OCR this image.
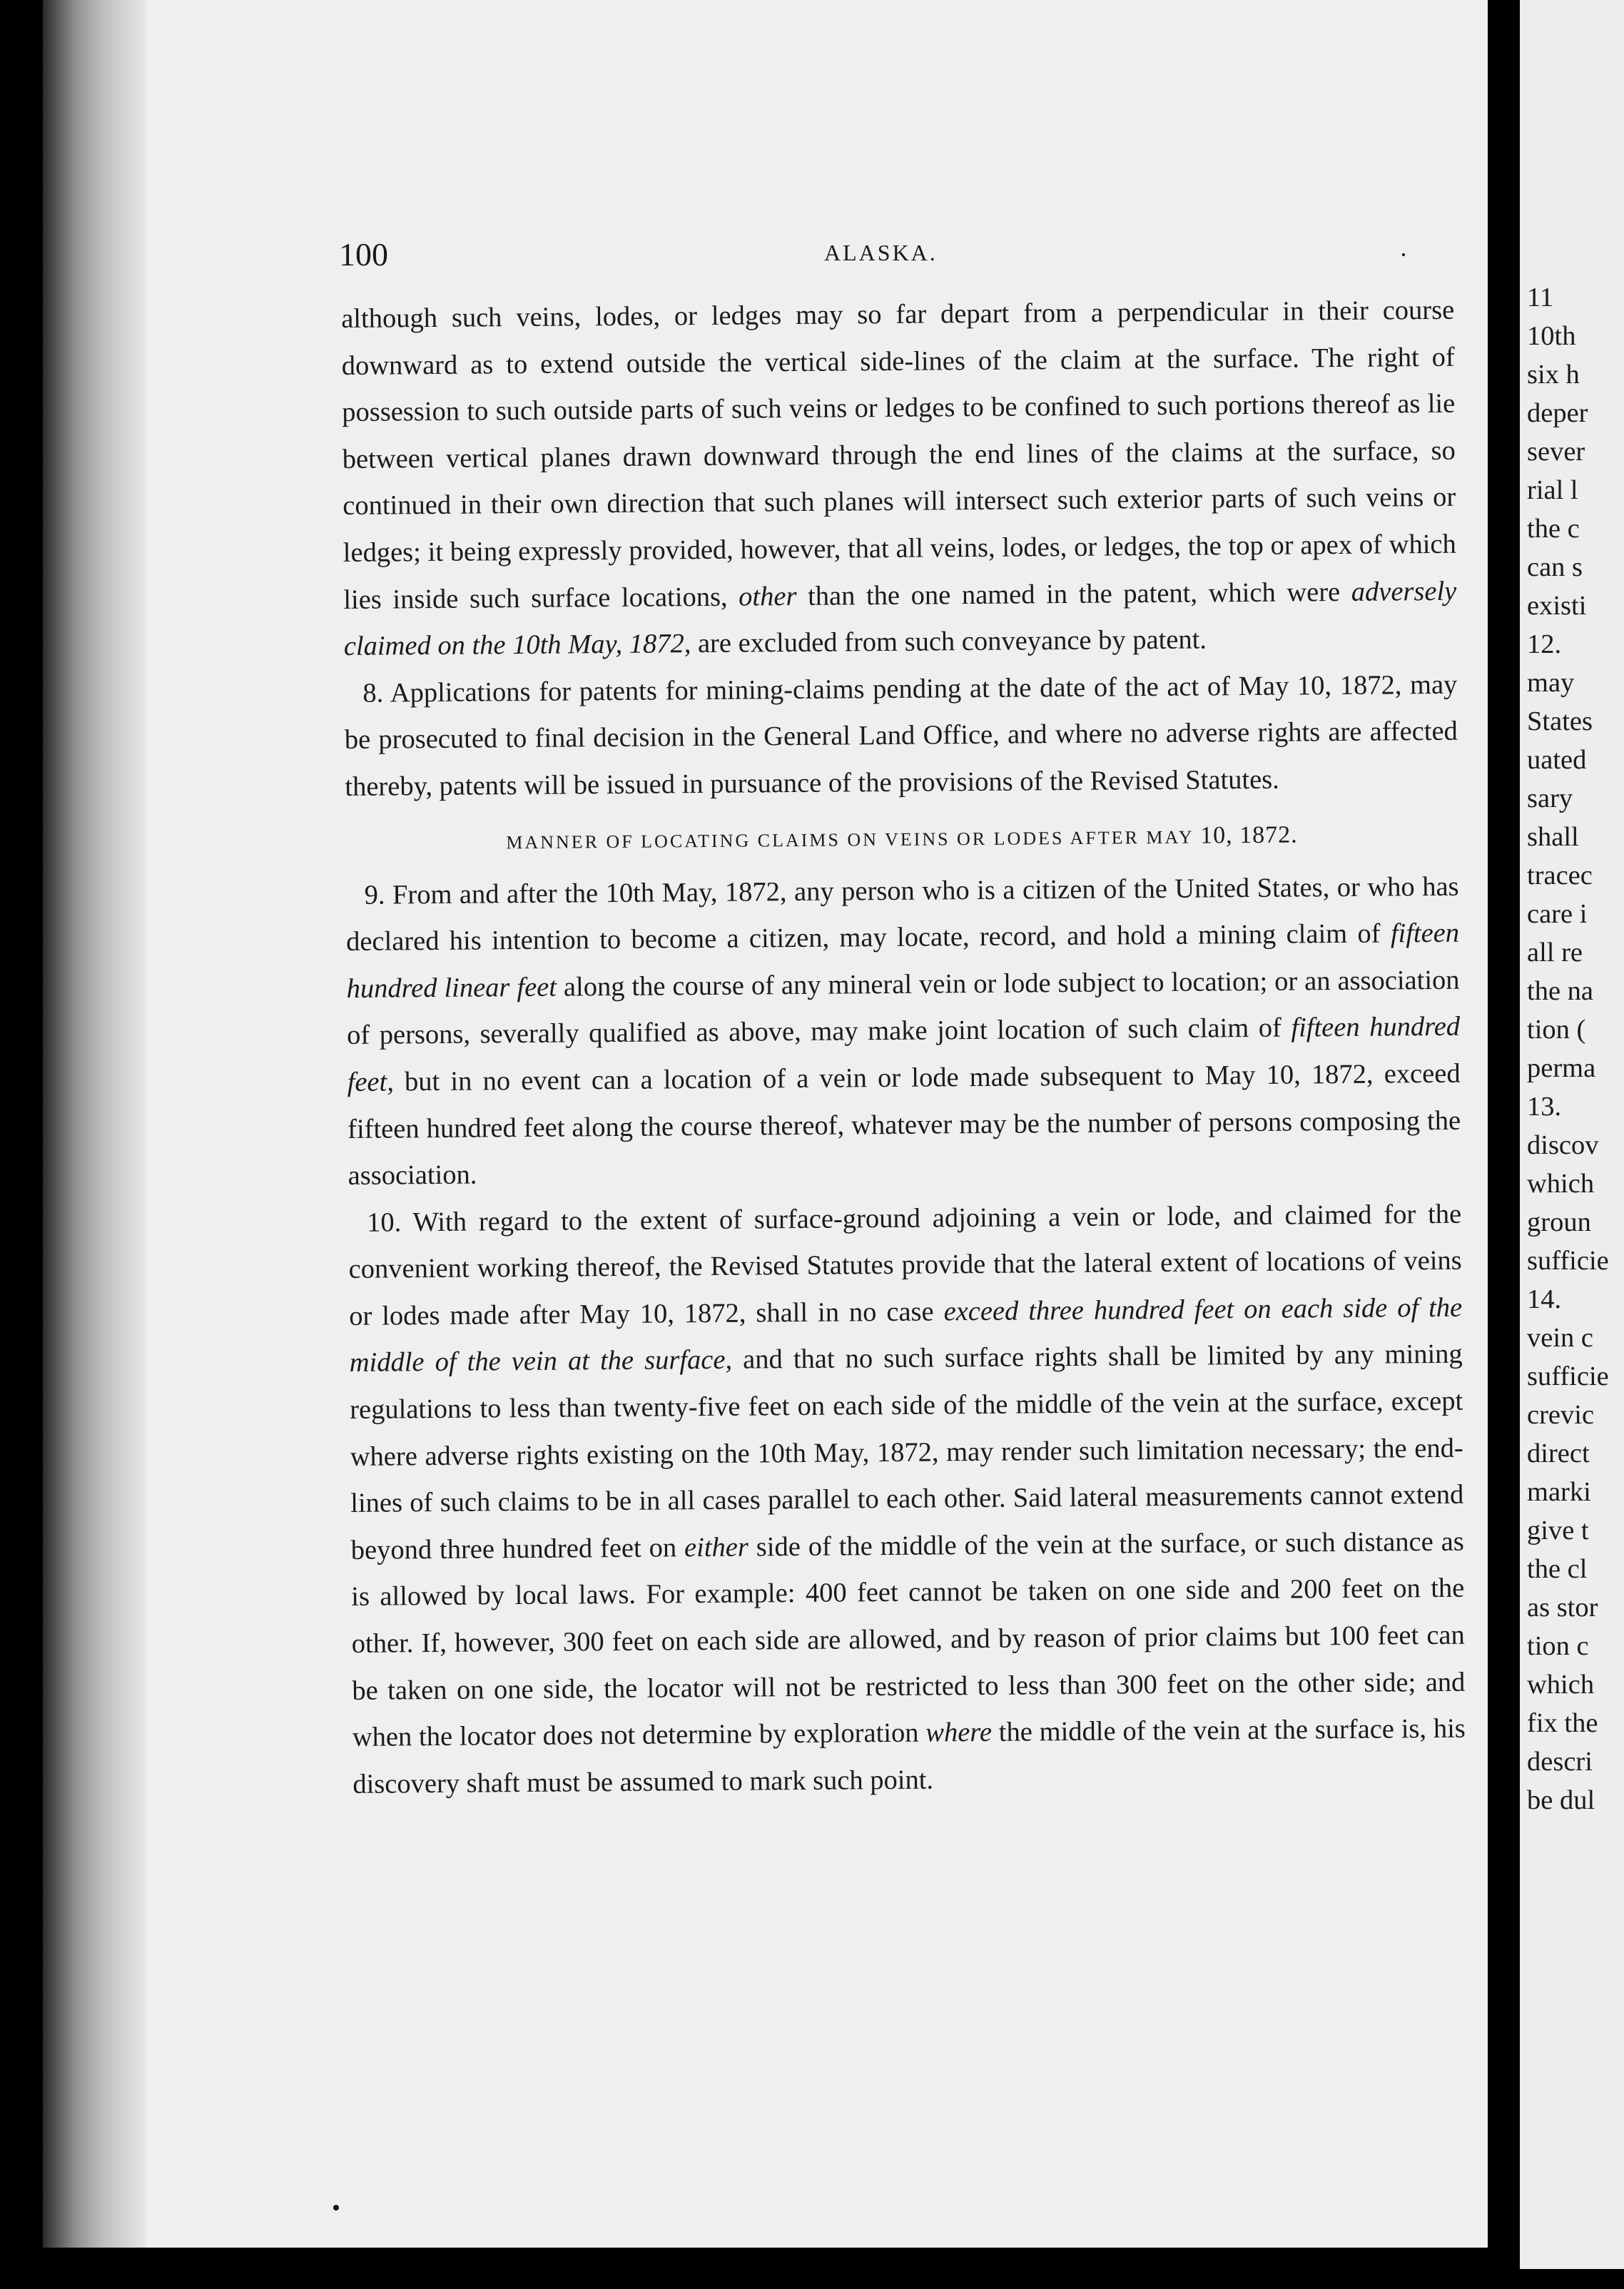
11
10th
six h
deper
sever
rial l
the c
can s
existi
12.
may
States
uated
sary
shall
tracec
care i
all re
the na
tion (
perma
13.
discov
which
groun
sufficie
14.
vein c
sufficie
crevic
direct
marki
give t
the cl
as stor
tion c
which
fix the
descri
be dul
100	ALASKA.

although such veins, lodes, or ledges may so far depart from a perpendicular in their course downward as to extend outside the vertical side-lines of the claim at the surface. The right of possession to such outside parts of such veins or ledges to be confined to such portions thereof as lie between vertical planes drawn downward through the end lines of the claims at the surface, so continued in their own direction that such planes will intersect such exterior parts of such veins or ledges; it being expressly provided, however, that all veins, lodes, or ledges, the top or apex of which lies inside such surface locations, other than the one named in the patent, which were adversely claimed on the 10th May, 1872, are excluded from such conveyance by patent.

8. Applications for patents for mining-claims pending at the date of the act of May 10, 1872, may be prosecuted to final decision in the General Land Office, and where no adverse rights are affected thereby, patents will be issued in pursuance of the provisions of the Revised Statutes.

MANNER OF LOCATING CLAIMS ON VEINS OR LODES AFTER MAY 10, 1872.

9. From and after the 10th May, 1872, any person who is a citizen of the United States, or who has declared his intention to become a citizen, may locate, record, and hold a mining claim of fifteen hundred linear feet along the course of any mineral vein or lode subject to location; or an association of persons, severally qualified as above, may make joint location of such claim of fifteen hundred feet, but in no event can a location of a vein or lode made subsequent to May 10, 1872, exceed fifteen hundred feet along the course thereof, whatever may be the number of persons composing the association.

10. With regard to the extent of surface-ground adjoining a vein or lode, and claimed for the convenient working thereof, the Revised Statutes provide that the lateral extent of locations of veins or lodes made after May 10, 1872, shall in no case exceed three hundred feet on each side of the middle of the vein at the surface, and that no such surface rights shall be limited by any mining regulations to less than twenty-five feet on each side of the middle of the vein at the surface, except where adverse rights existing on the 10th May, 1872, may render such limitation necessary; the end-lines of such claims to be in all cases parallel to each other. Said lateral measurements cannot extend beyond three hundred feet on either side of the middle of the vein at the surface, or such distance as is allowed by local laws. For example: 400 feet cannot be taken on one side and 200 feet on the other. If, however, 300 feet on each side are allowed, and by reason of prior claims but 100 feet can be taken on one side, the locator will not be restricted to less than 300 feet on the other side; and when the locator does not determine by exploration where the middle of the vein at the surface is, his discovery shaft must be assumed to mark such point.
